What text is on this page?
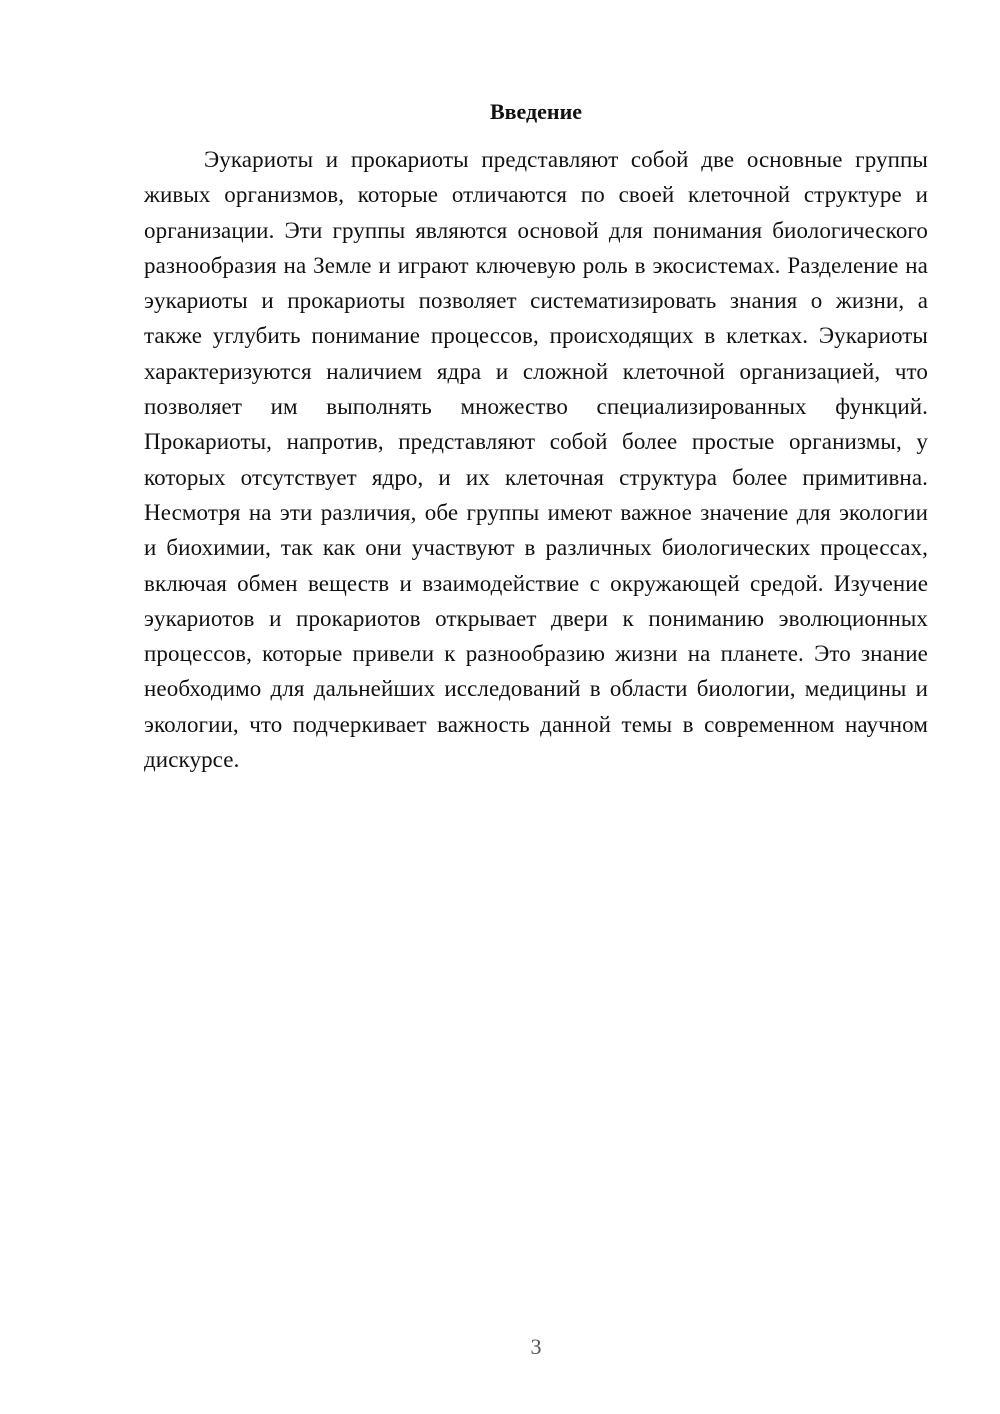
Введение

Эукариоты и прокариоты представляют собой две основные группы живых организмов, которые отличаются по своей клеточной структуре и организации. Эти группы являются основой для понимания биологического разнообразия на Земле и играют ключевую роль в экосистемах. Разделение на эукариоты и прокариоты позволяет систематизировать знания о жизни, а также углубить понимание процессов, происходящих в клетках. Эукариоты характеризуются наличием ядра и сложной клеточной организацией, что позволяет им выполнять множество специализированных функций. Прокариоты, напротив, представляют собой более простые организмы, у которых отсутствует ядро, и их клеточная структура более примитивна. Несмотря на эти различия, обе группы имеют важное значение для экологии и биохимии, так как они участвуют в различных биологических процессах, включая обмен веществ и взаимодействие с окружающей средой. Изучение эукариотов и прокариотов открывает двери к пониманию эволюционных процессов, которые привели к разнообразию жизни на планете. Это знание необходимо для дальнейших исследований в области биологии, медицины и экологии, что подчеркивает важность данной темы в современном научном дискурсе.

3
